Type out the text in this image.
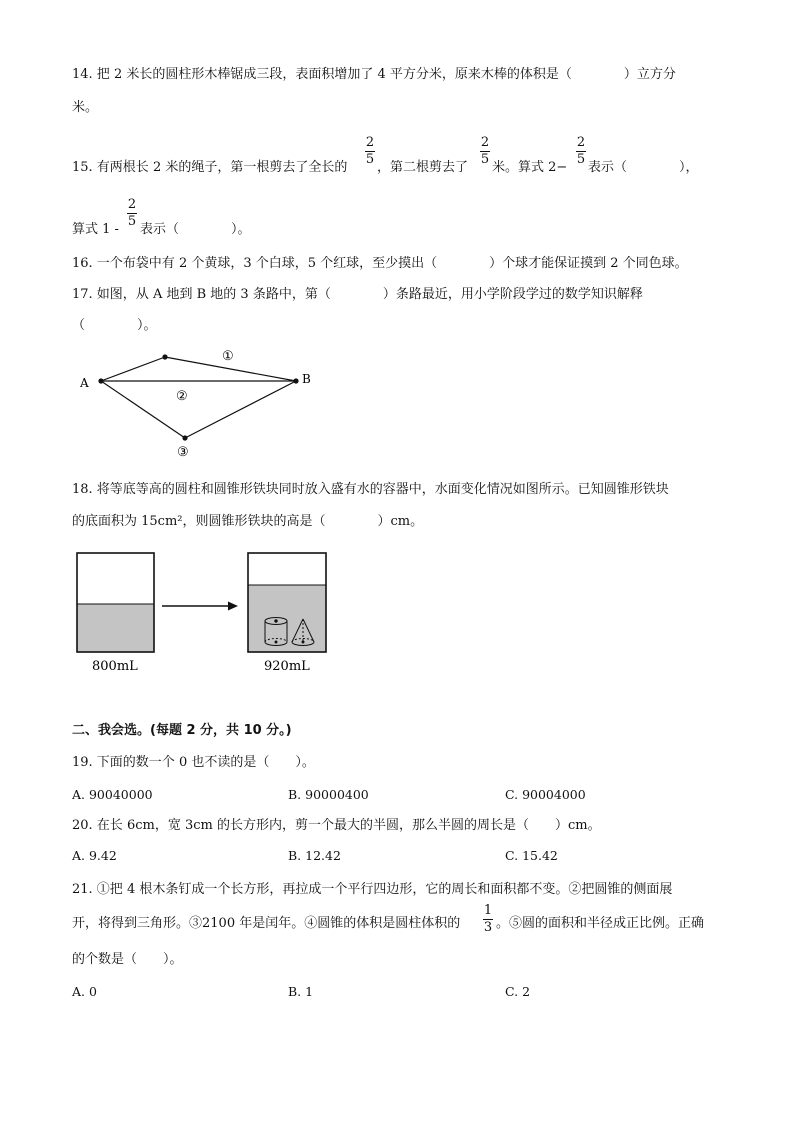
14. 把 2 米长的圆柱形木棒锯成三段，表面积增加了 4 平方分米，原来木棒的体积是（　　　　）立方分
米。
15. 有两根长 2 米的绳子，第一根剪去了全长的
2
5
，第二根剪去了
2
5
米。算式 2−
2
5
表示（　　　　），
算式 1 -
2
5
表示（　　　　）。
16. 一个布袋中有 2 个黄球，3 个白球，5 个红球，至少摸出（　　　　）个球才能保证摸到 2 个同色球。
17. 如图，从 A 地到 B 地的 3 条路中，第（　　　　）条路最近，用小学阶段学过的数学知识解释
（　　　　）。
A	B
①
②
③
18. 将等底等高的圆柱和圆锥形铁块同时放入盛有水的容器中，水面变化情况如图所示。已知圆锥形铁块
的底面积为 15cm²，则圆锥形铁块的高是（　　　　）cm。
800mL	920mL
二、我会选。(每题 2 分，共 10 分。)
19. 下面的数一个 0 也不读的是（　　）。
A. 90040000	B. 90000400	C. 90004000
20. 在长 6cm，宽 3cm 的长方形内，剪一个最大的半圆，那么半圆的周长是（　　）cm。
A. 9.42	B. 12.42	C. 15.42
21. ①把 4 根木条钉成一个长方形，再拉成一个平行四边形，它的周长和面积都不变。②把圆锥的侧面展
开，将得到三角形。③2100 年是闰年。④圆锥的体积是圆柱体积的
1
3 。⑤圆的面积和半径成正比例。正确
的个数是（　　）。
A. 0	B. 1	C. 2
